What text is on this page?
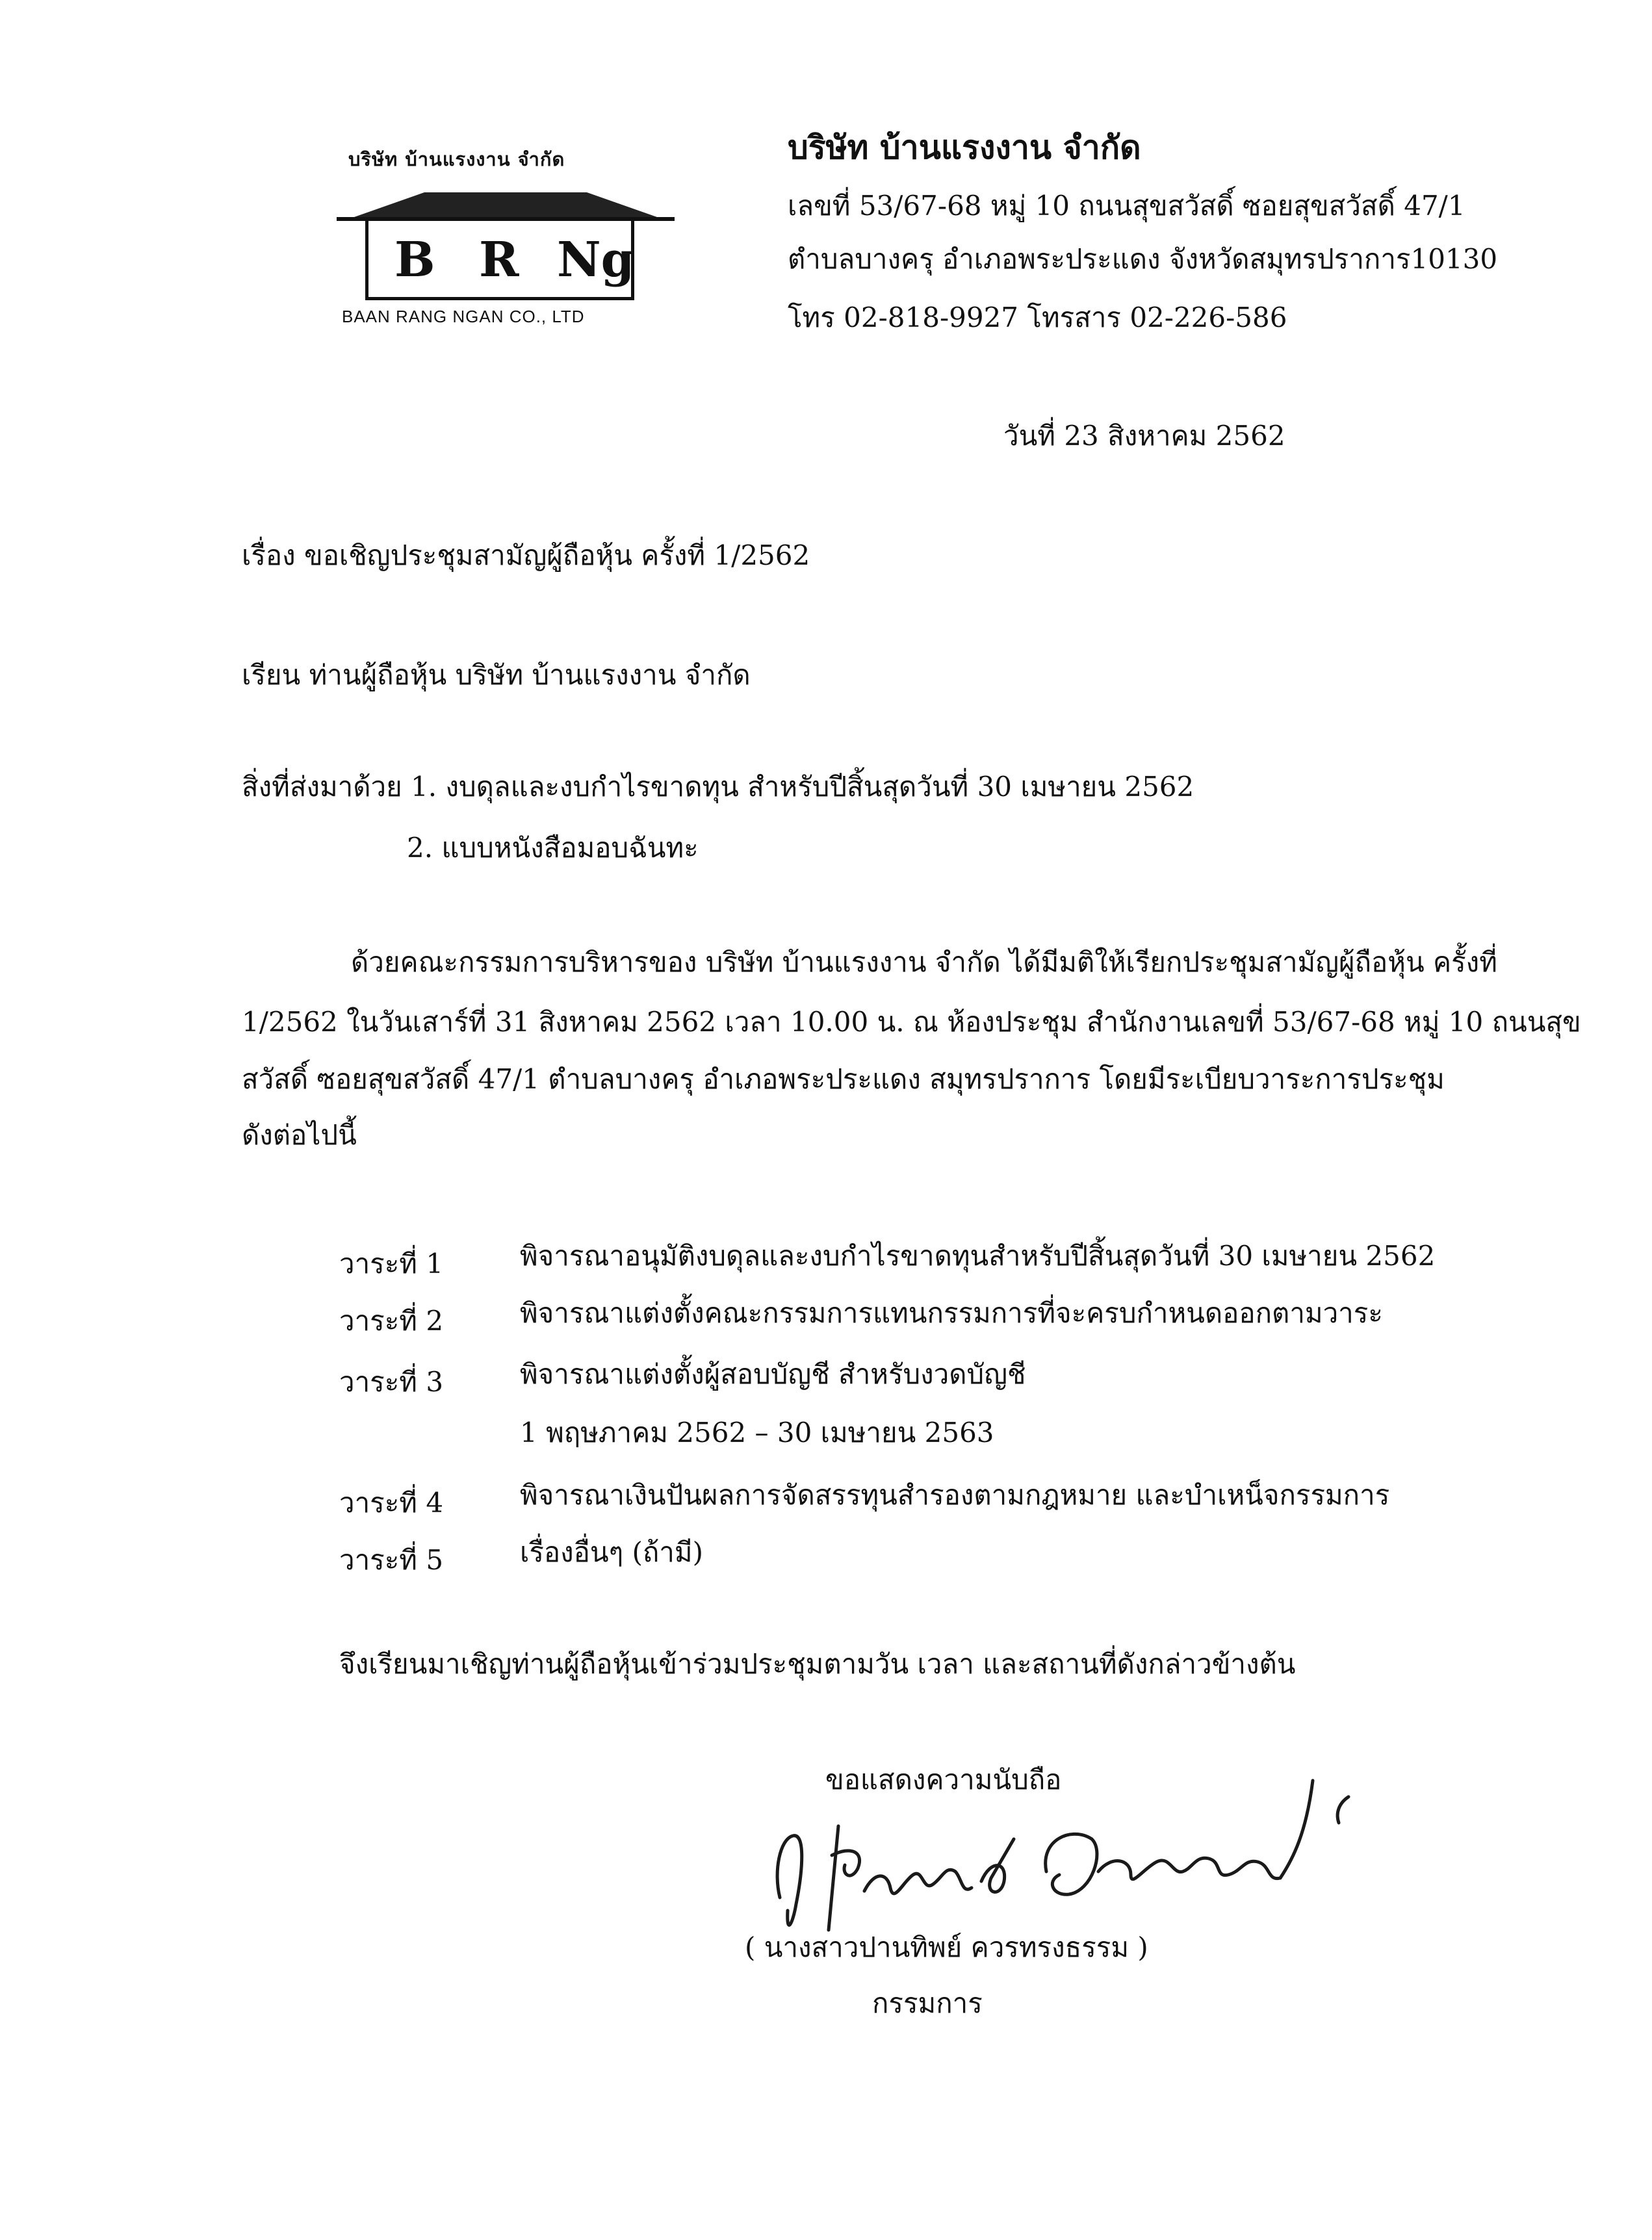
บริษัท บ้านแรงงาน จำกัด
B R Ng
BAAN RANG NGAN CO., LTD
บริษัท บ้านแรงงาน จำกัด
เลขที่ 53/67-68 หมู่ 10 ถนนสุขสวัสดิ์ ซอยสุขสวัสดิ์ 47/1
ตำบลบางครุ อำเภอพระประแดง จังหวัดสมุทรปราการ10130
โทร 02-818-9927 โทรสาร 02-226-586
วันที่ 23 สิงหาคม 2562
เรื่อง ขอเชิญประชุมสามัญผู้ถือหุ้น ครั้งที่ 1/2562
เรียน ท่านผู้ถือหุ้น บริษัท บ้านแรงงาน จำกัด
สิ่งที่ส่งมาด้วย 1. งบดุลและงบกำไรขาดทุน สำหรับปีสิ้นสุดวันที่ 30 เมษายน 2562
2. แบบหนังสือมอบฉันทะ
ด้วยคณะกรรมการบริหารของ บริษัท บ้านแรงงาน จำกัด ได้มีมติให้เรียกประชุมสามัญผู้ถือหุ้น ครั้งที่
1/2562 ในวันเสาร์ที่ 31 สิงหาคม 2562 เวลา 10.00 น. ณ ห้องประชุม สำนักงานเลขที่ 53/67-68 หมู่ 10 ถนนสุข
สวัสดิ์ ซอยสุขสวัสดิ์ 47/1 ตำบลบางครุ อำเภอพระประแดง สมุทรปราการ โดยมีระเบียบวาระการประชุม
ดังต่อไปนี้
วาระที่ 1	พิจารณาอนุมัติงบดุลและงบกำไรขาดทุนสำหรับปีสิ้นสุดวันที่ 30 เมษายน 2562
วาระที่ 2	พิจารณาแต่งตั้งคณะกรรมการแทนกรรมการที่จะครบกำหนดออกตามวาระ
วาระที่ 3	พิจารณาแต่งตั้งผู้สอบบัญชี สำหรับงวดบัญชี
1 พฤษภาคม 2562 – 30 เมษายน 2563
วาระที่ 4	พิจารณาเงินปันผลการจัดสรรทุนสำรองตามกฎหมาย และบำเหน็จกรรมการ
วาระที่ 5	เรื่องอื่นๆ (ถ้ามี)
จึงเรียนมาเชิญท่านผู้ถือหุ้นเข้าร่วมประชุมตามวัน เวลา และสถานที่ดังกล่าวข้างต้น
ขอแสดงความนับถือ
( นางสาวปานทิพย์ ควรทรงธรรม )
กรรมการ
